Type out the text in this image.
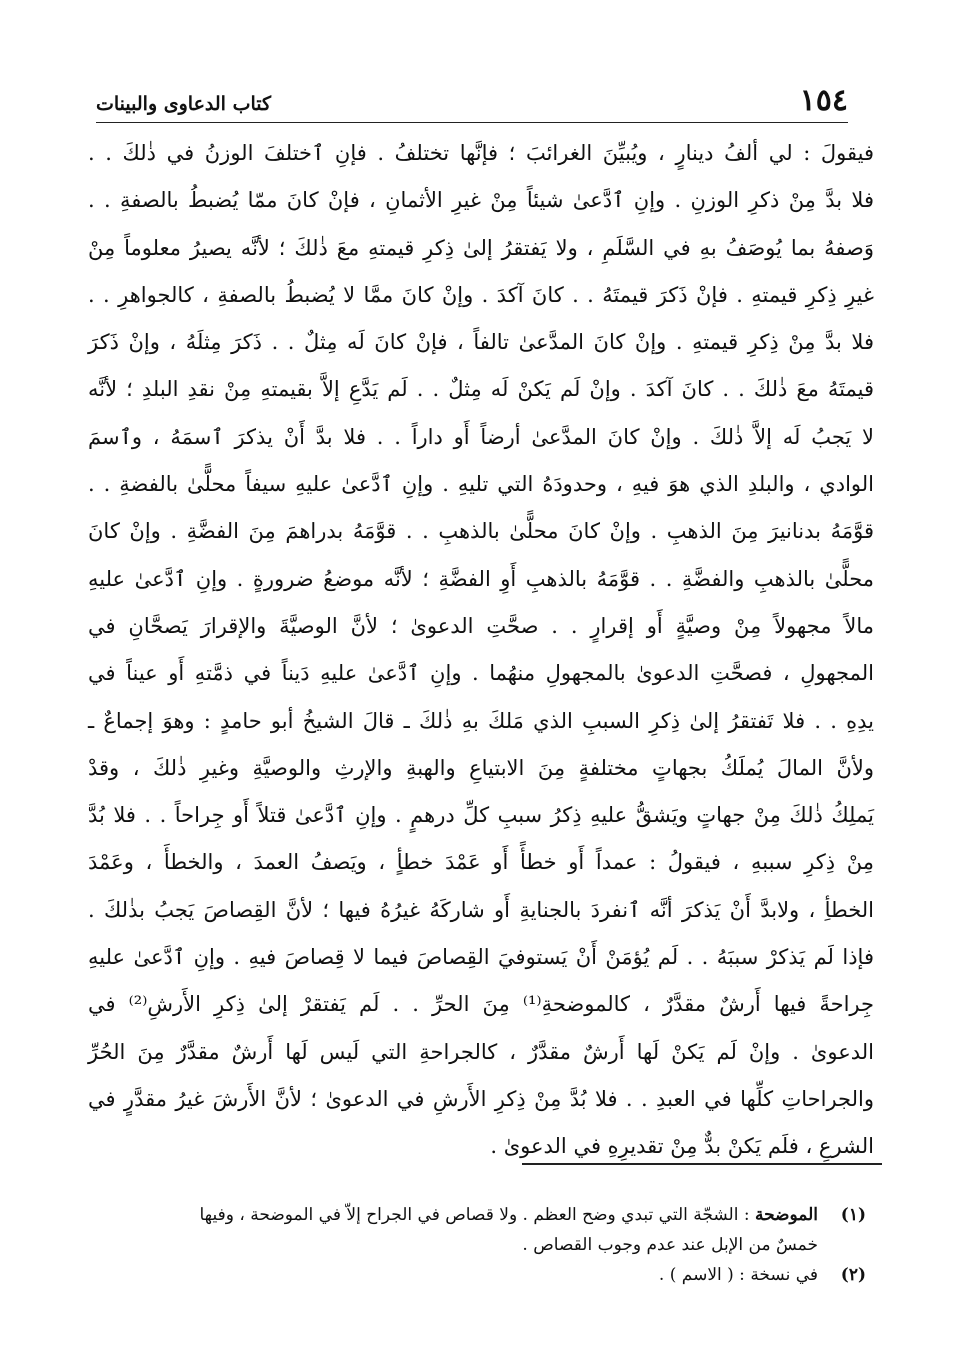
١٥٤
كتاب الدعاوى والبينات
فيقولَ : لي ألفُ دينارٍ ، ويُبيِّنَ الغرائبَ ؛ فإنَّها تختلفُ . فإنِ ٱختلفَ الوزنُ في ذٰلكَ . .
فلا بدَّ مِنْ ذكرِ الوزنِ . وإنِ ٱدَّعىٰ شيئاً مِنْ غيرِ الأثمانِ ، فإنْ كانَ ممّا يُضبطُ بالصفةِ . .
وَصفهُ بما يُوصَفُ بهِ في السَّلَمِ ، ولا يَفتقرُ إلىٰ ذِكرِ قيمتهِ معَ ذٰلكَ ؛ لأنَّه يصيرُ معلوماً مِنْ
غيرِ ذِكرِ قيمتهِ . فإنْ ذَكرَ قيمتَهُ . . كانَ آكدَ . وإنْ كانَ ممَّا لا يُضبطُ بالصفةِ ، كالجواهرِ . .
فلا بدَّ مِنْ ذِكرِ قيمتهِ . وإنْ كانَ المدَّعىٰ تالفاً ، فإنْ كانَ لَه مِثلٌ . . ذَكرَ مِثلَهُ ، وإنْ ذَكرَ
قيمتَهُ معَ ذٰلكَ . . كانَ آكدَ . وإنْ لَم يَكنْ لَه مِثلٌ . . لَم يَدَّعِ إلاَّ بقيمتهِ مِنْ نقدِ البلدِ ؛ لأنَّه
لا يَجبُ لَه إلاَّ ذٰلكَ . وإنْ كانَ المدَّعىٰ أرضاً أَو داراً . . فلا بدَّ أَنْ يذكرَ ٱسمَهُ ، وٱسمَ
الوادي ، والبلدِ الذي هوَ فيهِ ، وحدودَهُ التي تليهِ . وإنِ ٱدَّعىٰ عليهِ سيفاً محلًّىٰ بالفضةِ . .
قوَّمَهُ بدنانيرَ مِنَ الذهبِ . وإنْ كانَ محلًّىٰ بالذهبِ . . قوَّمَهُ بدراهمَ مِنَ الفضَّةِ . وإنْ كانَ
محلًّىٰ بالذهبِ والفضَّةِ . . قوَّمَهُ بالذهبِ أَوِ الفضَّةِ ؛ لأنَّه موضعُ ضرورةٍ . وإنِ ٱدَّعىٰ عليهِ
مالاً مجهولاً مِنْ وصيَّةٍ أَو إقرارٍ . . صحَّتِ الدعوىٰ ؛ لأنَّ الوصيَّةَ والإقرارَ يَصحَّانِ في
المجهولِ ، فصحَّتِ الدعوىٰ بالمجهولِ منهُما . وإنِ ٱدَّعىٰ عليهِ دَيناً في ذمَّتهِ أَو عيناً في
يدِهِ . . فلا تَفتقرُ إلىٰ ذِكرِ السببِ الذي مَلكَ بهِ ذٰلكَ ـ قالَ الشيخُ أبو حامدٍ : وهوَ إجماعٌ ـ
ولأنَّ المالَ يُملَكُ بجهاتٍ مختلفةٍ مِنَ الابتياعِ والهبةِ والإرثِ والوصيَّةِ وغيرِ ذٰلكَ ، وقدْ
يَملِكُ ذٰلكَ مِنْ جهاتٍ ويَشقُّ عليهِ ذِكرُ سببِ كلِّ درهمٍ . وإنِ ٱدَّعىٰ قتلاً أَو جِراحاً . . فلا بُدَّ
مِنْ ذِكرِ سببهِ ، فيقولُ : عمداً أَو خطأً أَو عَمْدَ خطأٍ ، ويَصفُ العمدَ ، والخطأَ ، وعَمْدَ
الخطأِ ، ولابدَّ أَنْ يَذكرَ أنَّه ٱنفردَ بالجنايةِ أَو شاركَهُ غيرُهُ فيها ؛ لأنَّ القِصاصَ يَجبُ بذٰلكَ .
فإذا لَم يَذكرْ سببَهُ . . لَم يُؤمَنْ أَنْ يَستوفيَ القِصاصَ فيما لا قِصاصَ فيهِ . وإنِ ٱدَّعىٰ عليهِ
جِراحةً فيها أَرشٌ مقدَّرٌ ، كالموضحةِ⁽¹⁾ مِنَ الحرِّ . . لَم يَفتقرْ إلىٰ ذِكرِ الأَرشِ⁽²⁾ في
الدعوىٰ . وإنْ لَم يَكنْ لَها أَرشٌ مقدَّرٌ ، كالجراحةِ التي لَيس لَها أَرشٌ مقدَّرٌ مِنَ الحُرِّ
والجراحاتِ كلِّها في العبدِ . . فلا بُدَّ مِنْ ذِكرِ الأَرشِ في الدعوىٰ ؛ لأنَّ الأَرشَ غيرُ مقدَّرٍ في
الشرعِ ، فلَم يَكنْ بدٌّ مِنْ تقديرِهِ في الدعوىٰ .
(١)
الموضحة : الشجّة التي تبدي وضح العظم . ولا قصاص في الجراح إلاّ في الموضحة ، وفيها
خمسٌ من الإبل عند عدم وجوب القصاص .
(٢)
في نسخة : ( الاسم ) .
